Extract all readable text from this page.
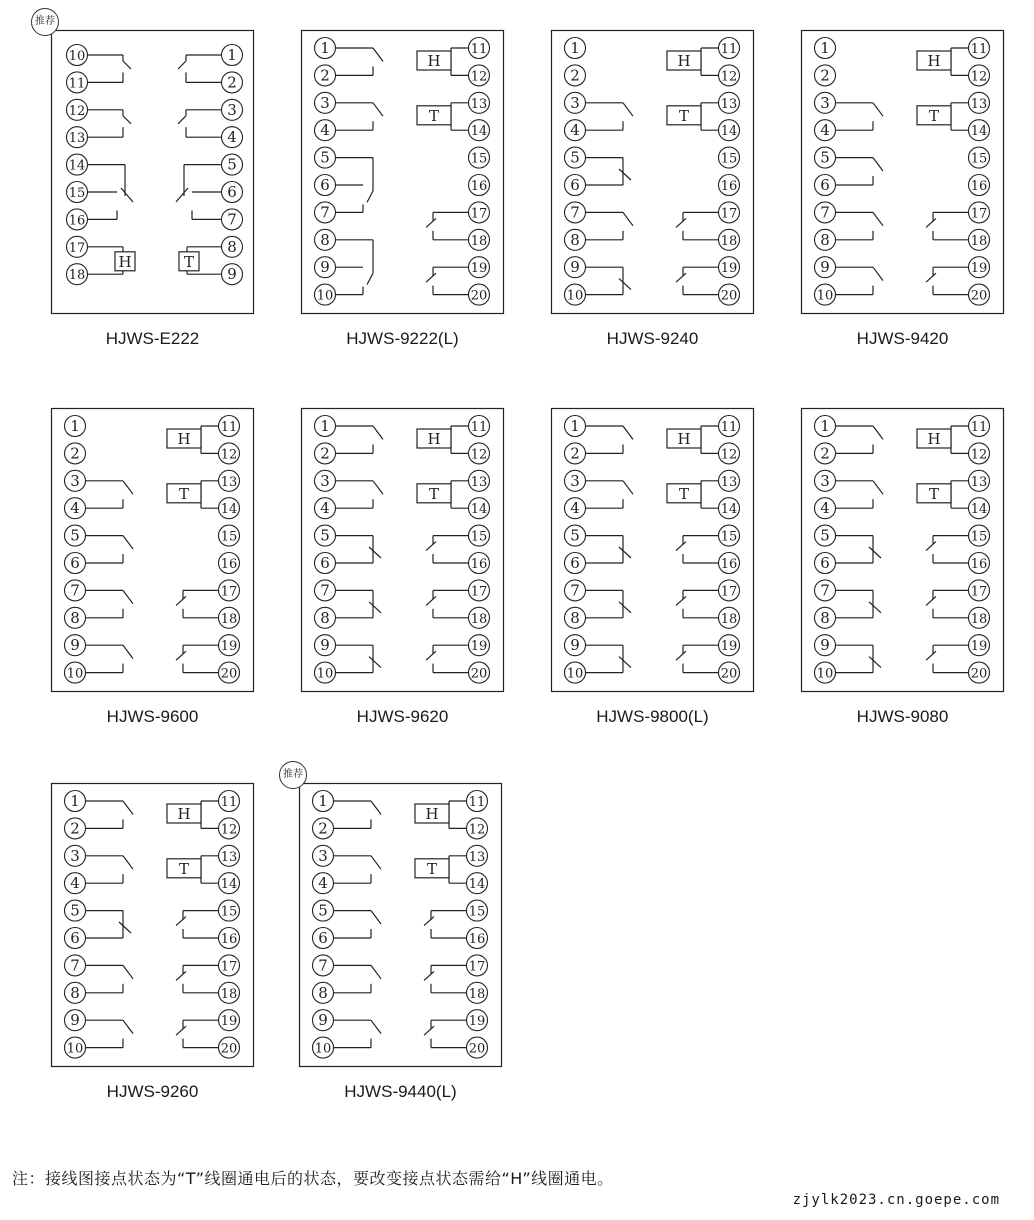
10
11
12
13
14
15
16
17
18
1
2
3
4
5
6
7
8
9
H	T
推荐
HJWS-E222
1
2
3
4
5
6
7
8
9
10
11
12
13
14
15
16
17
18
19
20
H
T
HJWS-9222(L)
1
2
3
4
5
6
7
8
9
10
11
12
13
14
15
16
17
18
19
20
H
T
HJWS-9240
1
2
3
4
5
6
7
8
9
10
11
12
13
14
15
16
17
18
19
20
H
T
HJWS-9420
1
2
3
4
5
6
7
8
9
10
11
12
13
14
15
16
17
18
19
20
H
T
HJWS-9600
1
2
3
4
5
6
7
8
9
10
11
12
13
14
15
16
17
18
19
20
H
T
HJWS-9620
1
2
3
4
5
6
7
8
9
10
11
12
13
14
15
16
17
18
19
20
H
T
HJWS-9800(L)
1
2
3
4
5
6
7
8
9
10
11
12
13
14
15
16
17
18
19
20
H
T
HJWS-9080
1
2
3
4
5
6
7
8
9
10
11
12
13
14
15
16
17
18
19
20
H
T
HJWS-9260
1
2
3
4
5
6
7
8
9
10
11
12
13
14
15
16
17
18
19
20
H
T
推荐
HJWS-9440(L)
注：接线图接点状态为“T”线圈通电后的状态，要改变接点状态需给“H”线圈通电。
zjylk2023.cn.goepe.com
